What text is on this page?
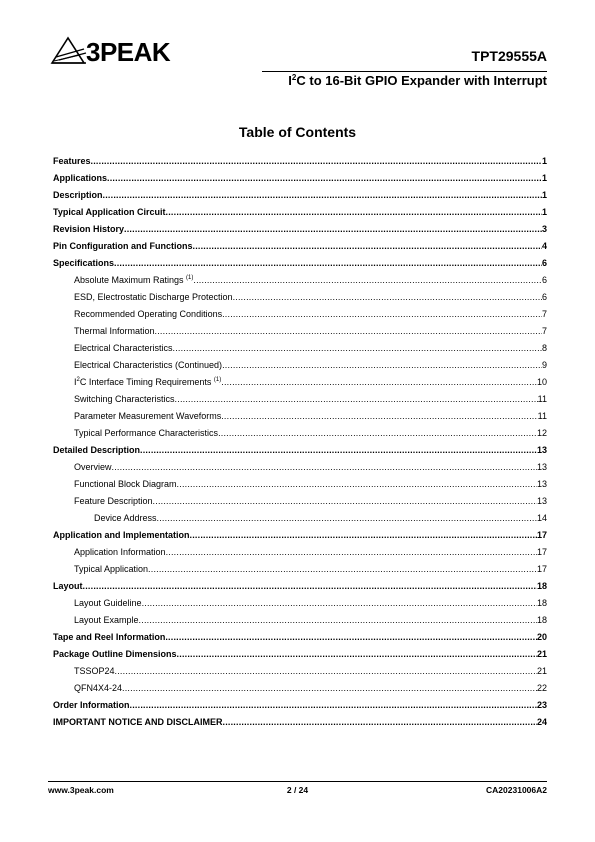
3PEAK	TPT29555A
$I^2C$ to 16-Bit GPIO Expander with Interrupt
Table of Contents
Features .....	1
Applications .....	1
Description .....	1
Typical Application Circuit .....	1
Revision History .....	3
Pin Configuration and Functions .....	4
Specifications .....	6
Absolute Maximum Ratings $^{(1)}$ .....	6
ESD, Electrostatic Discharge Protection .....	6
Recommended Operating Conditions .....	7
Thermal Information .....	7
Electrical Characteristics .....	8
Electrical Characteristics (Continued) .....	9
$I^2C$ Interface Timing Requirements $^{(1)}$ .....	10
Switching Characteristics .....	11
Parameter Measurement Waveforms .....	11
Typical Performance Characteristics .....	12
Detailed Description .....	13
Overview .....	13
Functional Block Diagram .....	13
Feature Description .....	13
Device Address .....	14
Application and Implementation .....	17
Application Information .....	17
Typical Application .....	17
Layout .....	18
Layout Guideline .....	18
Layout Example .....	18
Tape and Reel Information .....	20
Package Outline Dimensions .....	21
TSSOP24 .....	21
QFN4X4-24 .....	22
Order Information .....	23
IMPORTANT NOTICE AND DISCLAIMER .....	24
www.3peak.com	2 / 24	CA20231006A2
